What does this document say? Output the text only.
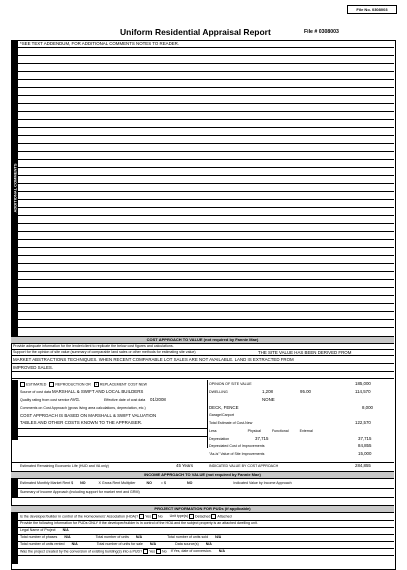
File No. 0308003
Uniform Residential Appraisal Report	File # 0308003
ADDITIONAL COMMENTS
*SEE TEXT ADDENDUM, FOR ADDITIONAL COMMENTS NOTES TO READER.
COST APPROACH TO VALUE (not required by Fannie Mae)
Provide adequate information for the lender/client to replicate the below cost figures and calculations.
Support for the opinion of site value (summary of comparable land sales or other methods for estimating site value)	THE SITE VALUE HAS BEEN DERIVED FROM
MARKET ABSTRACTIONS TECHNIQUES. WHEN RECENT COMPARABLE LOT SALES ARE NOT AVAILABLE. LAND IS EXTRACTED FROM
IMPROVED SALES.
ESTIMATED	REPRODUCTION OR x REPLACEMENT COST NEW
Source of cost data MARSHALL & SWIFT AND LOCAL BUILDERS
Quality rating from cost service AVG.	Effective date of cost data 01/2008
Comments on Cost Approach (gross living area calculations, depreciation, etc.)
COST APPROACH IS BASED ON MARSHALL & SWIFT VALUATION
TABLES AND OTHER COSTS KNOWN TO THE APPRAISER.
OPINION OF SITE VALUE	185,000
DWELLING	1,208	95.00	114,570
NONE
DECK, FENCE	8,000
Garage/Carport
Total Estimate of Cost-New	122,570
Less	Physical	Functional	External
Depreciation	37,715	37,715
Depreciated Cost of Improvements	84,855
"As-is" Value of Site Improvements	15,000
Estimated Remaining Economic Life (HUD and VA only)	45 Years	INDICATED VALUE BY COST APPROACH	284,855
INCOME APPROACH TO VALUE (not required by Fannie Mae)
Estimated Monthly Market Rent $ NO	X Gross Rent Multiplier	NO	= $	NO	Indicated Value by Income Approach
Summary of Income Approach (including support for market rent and GRM)
PROJECT INFORMATION FOR PUDs (if applicable)
Is the developer/builder in control of the Homeowners' Association (HOA)? Yes No Unit type(s) Detached Attached
Provide the following information for PUDs ONLY if the developer/builder is in control of the HOA and the subject property is an attached dwelling unit.
Legal Name of Project N/A
Total number of phases N/A	Total number of units N/A	Total number of units sold N/A
Total number of units rented N/A	Total number of units for sale N/A	Data source(s) N/A
Was the project created by the conversion of existing building(s) into a PUD? Yes No If Yes, date of conversion. N/A
